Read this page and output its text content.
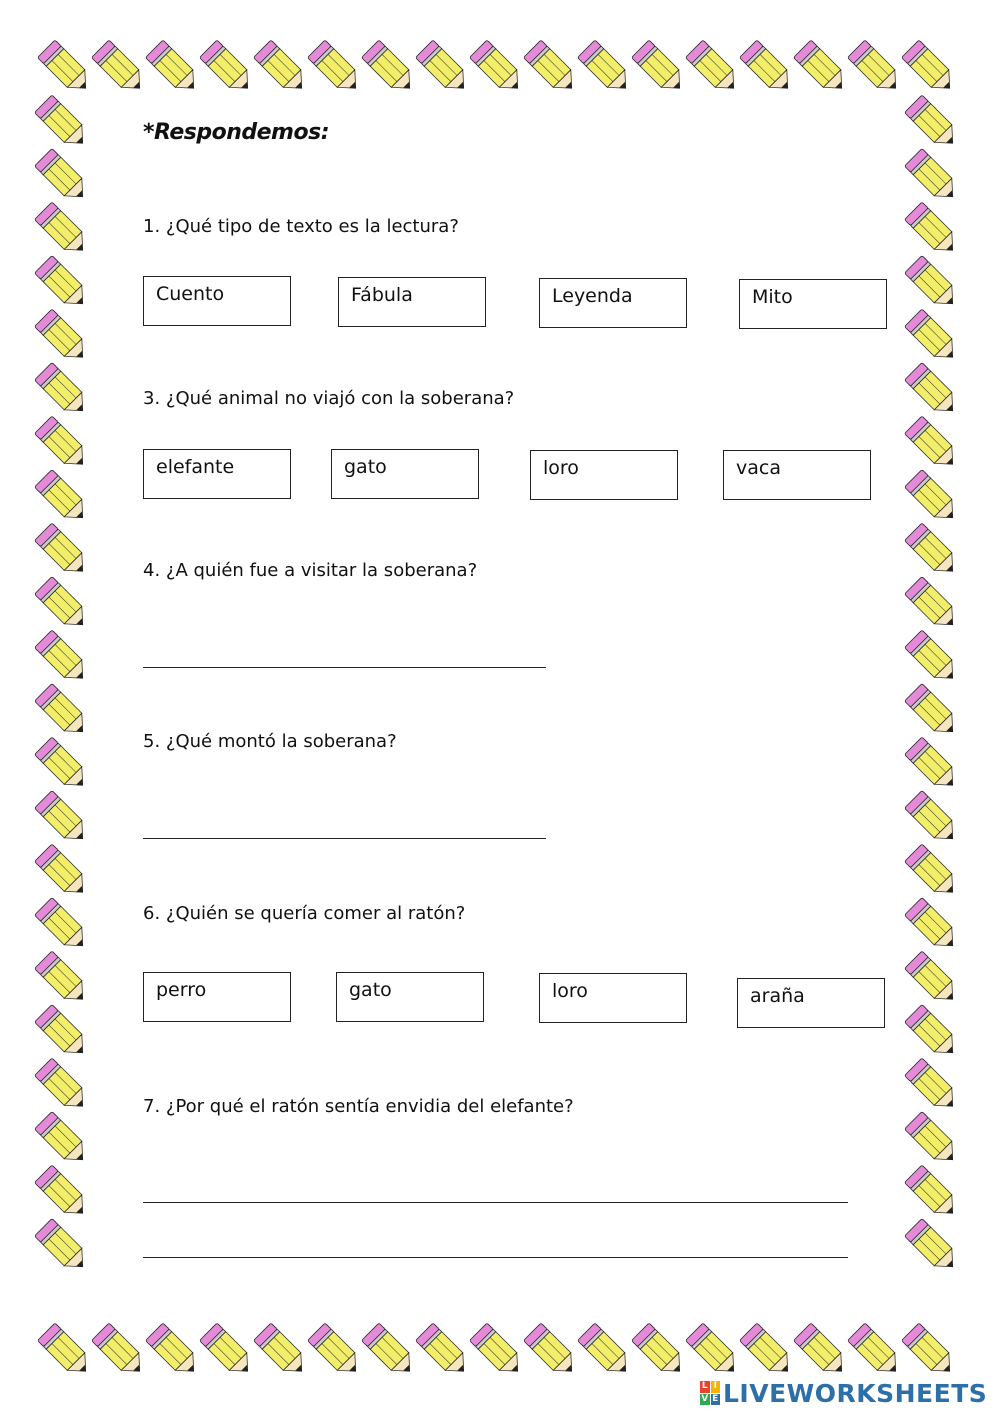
*Respondemos:
1. ¿Qué tipo de texto es la lectura?
Cuento	Fábula	Leyenda	Mito
3. ¿Qué animal no viajó con la soberana?
elefante	gato	loro	vaca
4. ¿A quién fue a visitar la soberana?
5. ¿Qué montó la soberana?
6. ¿Quién se quería comer al ratón?
perro	gato	loro	araña
7. ¿Por qué el ratón sentía envidia del elefante?
L I
V E LIVEWORKSHEETS
